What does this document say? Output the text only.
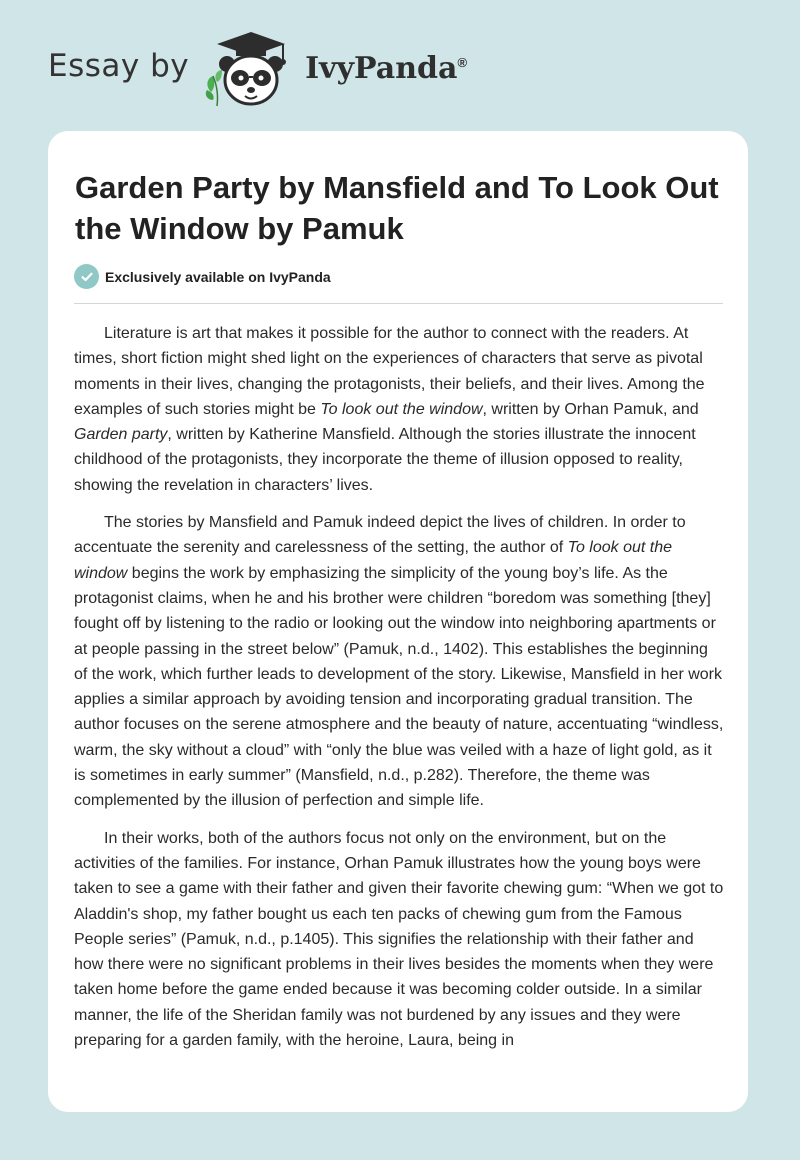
Essay by	IvyPanda®
Garden Party by Mansfield and To Look Out the Window by Pamuk
Exclusively available on IvyPanda

Literature is art that makes it possible for the author to connect with the readers. At times, short fiction might shed light on the experiences of characters that serve as pivotal moments in their lives, changing the protagonists, their beliefs, and their lives. Among the examples of such stories might be To look out the window, written by Orhan Pamuk, and Garden party, written by Katherine Mansfield. Although the stories illustrate the innocent childhood of the protagonists, they incorporate the theme of illusion opposed to reality, showing the revelation in characters’ lives.

The stories by Mansfield and Pamuk indeed depict the lives of children. In order to accentuate the serenity and carelessness of the setting, the author of To look out the window begins the work by emphasizing the simplicity of the young boy’s life. As the protagonist claims, when he and his brother were children “boredom was something [they] fought off by listening to the radio or looking out the window into neighboring apartments or at people passing in the street below” (Pamuk, n.d., 1402). This establishes the beginning of the work, which further leads to development of the story. Likewise, Mansfield in her work applies a similar approach by avoiding tension and incorporating gradual transition. The author focuses on the serene atmosphere and the beauty of nature, accentuating “windless, warm, the sky without a cloud” with “only the blue was veiled with a haze of light gold, as it is sometimes in early summer” (Mansfield, n.d., p.282). Therefore, the theme was complemented by the illusion of perfection and simple life.

In their works, both of the authors focus not only on the environment, but on the activities of the families. For instance, Orhan Pamuk illustrates how the young boys were taken to see a game with their father and given their favorite chewing gum: “When we got to Aladdin's shop, my father bought us each ten packs of chewing gum from the Famous People series” (Pamuk, n.d., p.1405). This signifies the relationship with their father and how there were no significant problems in their lives besides the moments when they were taken home before the game ended because it was becoming colder outside. In a similar manner, the life of the Sheridan family was not burdened by any issues and they were preparing for a garden family, with the heroine, Laura, being in
